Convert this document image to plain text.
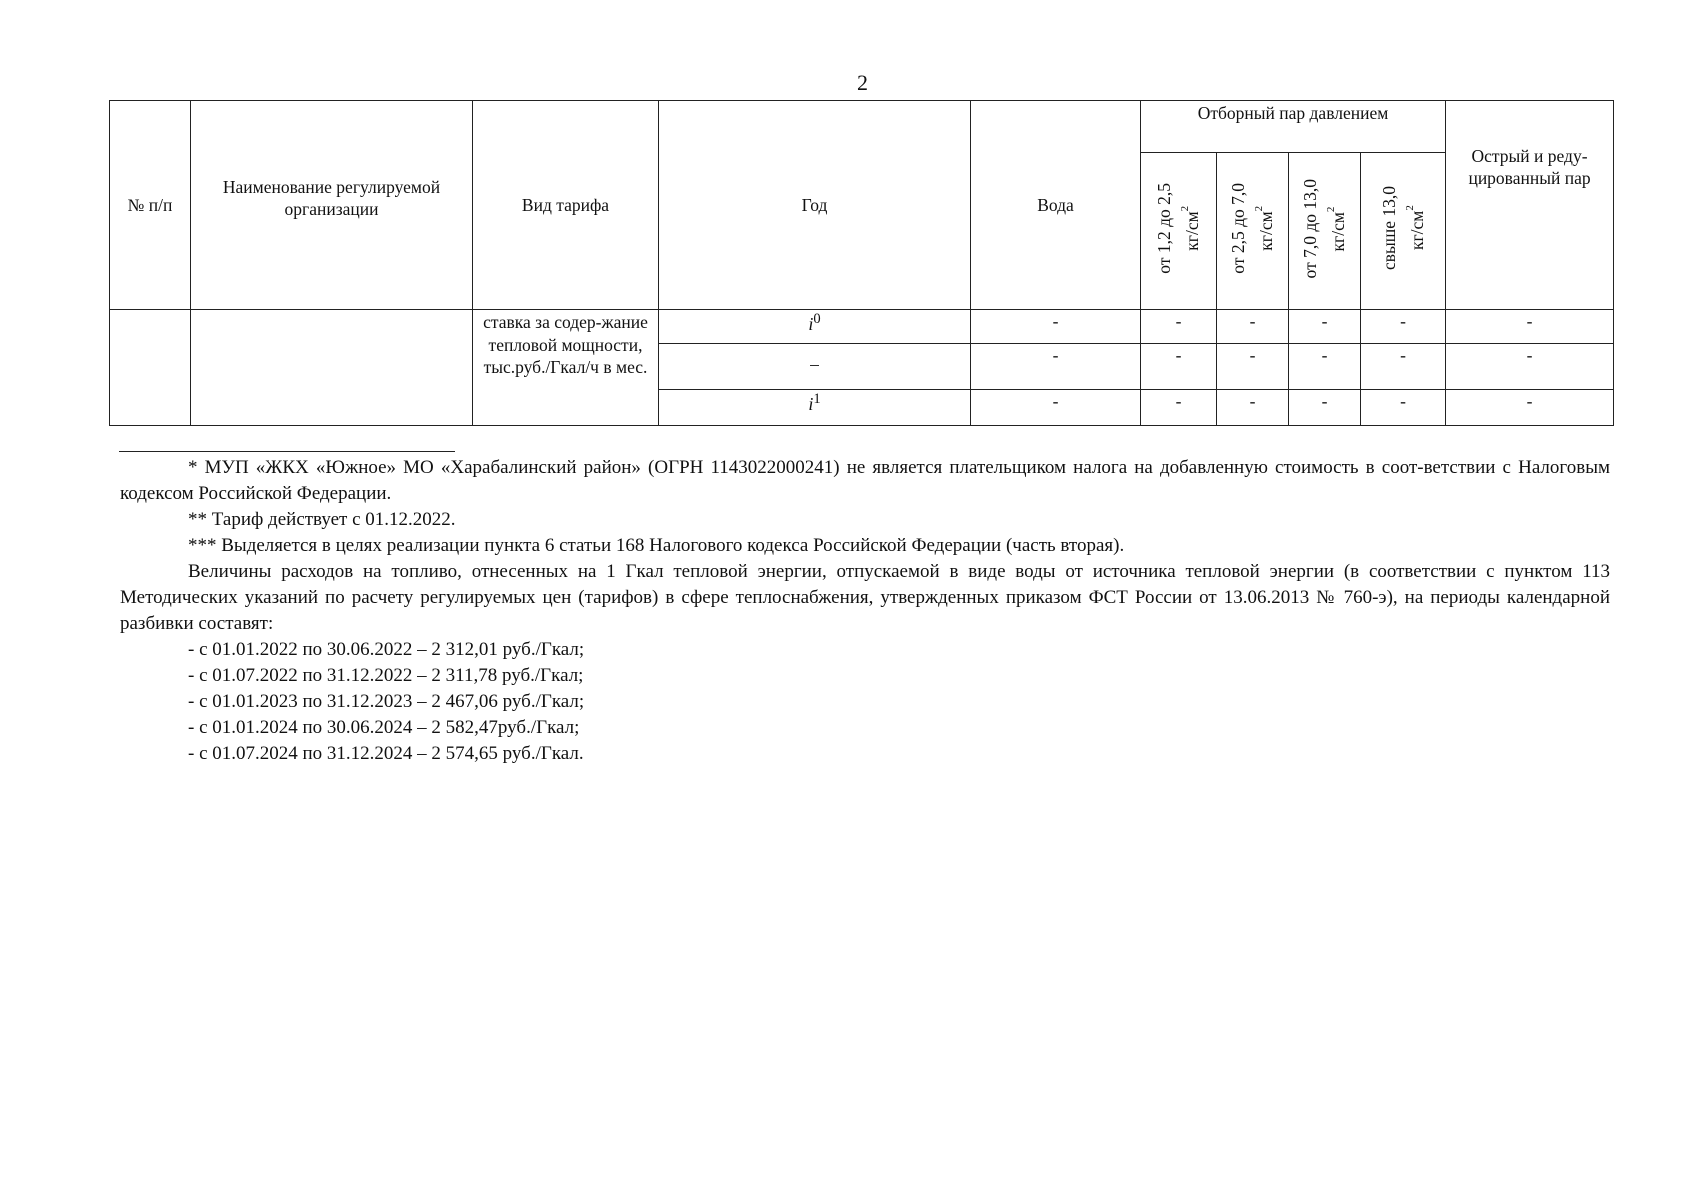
2
№ п/п	Наименование регулируемой организации	Вид тарифа	Год	Вода	Отборный пар давлением				Острый и реду-цированный пар
					от 1,2 до 2,5 $кг/см^2$	от 2,5 до 7,0 $кг/см^2$	от 7,0 до 13,0 $кг/см^2$	свыше 13,0 $кг/см^2$
		ставка за содер-жание тепловой мощности, тыс.руб./Гкал/ч в мес.	$i^0$	-	-	-	-	-	-
			–	-	-	-	-	-	-
			$i^1$	-	-	-	-	-	-

* МУП «ЖКХ «Южное» МО «Харабалинский район» (ОГРН 1143022000241) не является плательщиком налога на добавленную стоимость в соот-ветствии с Налоговым кодексом Российской Федерации.

** Тариф действует с 01.12.2022.

*** Выделяется в целях реализации пункта 6 статьи 168 Налогового кодекса Российской Федерации (часть вторая).

Величины расходов на топливо, отнесенных на 1 Гкал тепловой энергии, отпускаемой в виде воды от источника тепловой энергии (в соответствии с пунктом 113 Методических указаний по расчету регулируемых цен (тарифов) в сфере теплоснабжения, утвержденных приказом ФСТ России от 13.06.2013 № 760-э), на периоды календарной разбивки составят:

- с 01.01.2022 по 30.06.2022 – 2 312,01 руб./Гкал;
- с 01.07.2022 по 31.12.2022 – 2 311,78 руб./Гкал;
- с 01.01.2023 по 31.12.2023 – 2 467,06 руб./Гкал;
- с 01.01.2024 по 30.06.2024 – 2 582,47руб./Гкал;
- с 01.07.2024 по 31.12.2024 – 2 574,65 руб./Гкал.
